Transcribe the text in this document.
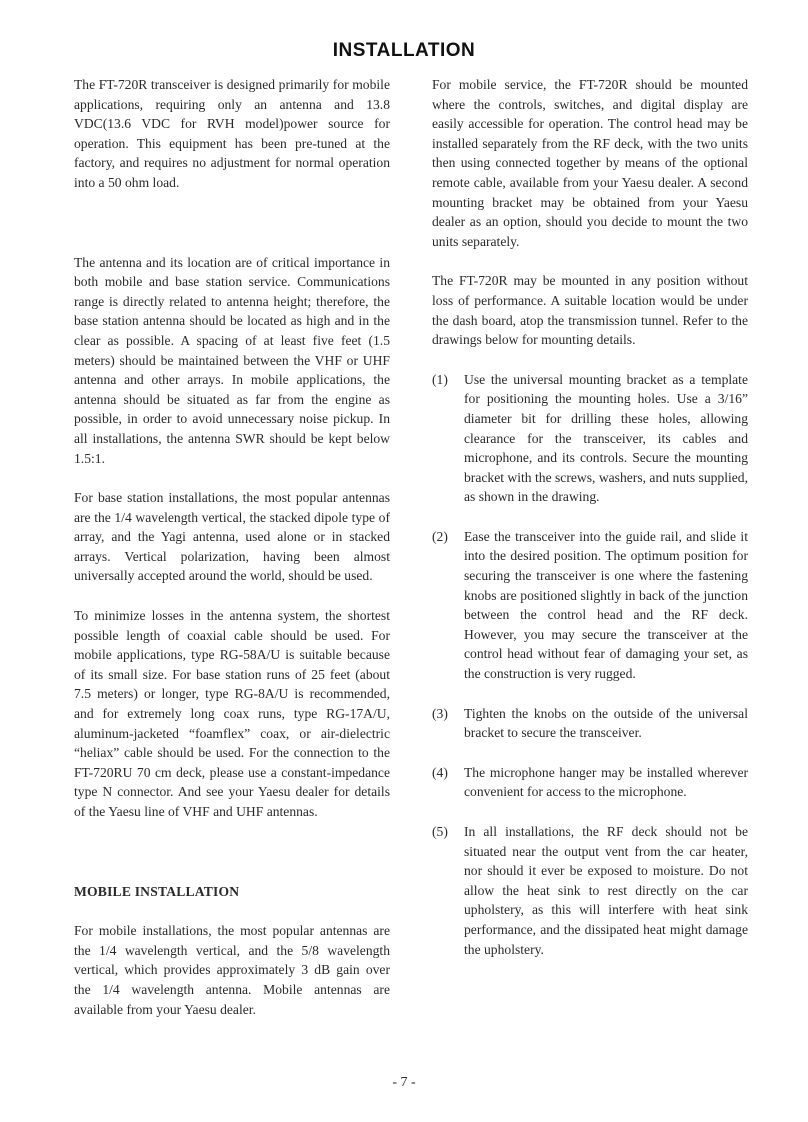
INSTALLATION

The FT-720R transceiver is designed primarily for mobile applications, requiring only an antenna and 13.8 VDC(13.6 VDC for RVH model)power source for operation. This equipment has been pre-tuned at the factory, and requires no adjustment for normal operation into a 50 ohm load.

The antenna and its location are of critical importance in both mobile and base station service. Communications range is directly related to antenna height; therefore, the base station antenna should be located as high and in the clear as possible. A spacing of at least five feet (1.5 meters) should be maintained between the VHF or UHF antenna and other arrays. In mobile applications, the antenna should be situated as far from the engine as possible, in order to avoid unnecessary noise pickup. In all installations, the antenna SWR should be kept below 1.5:1.

For base station installations, the most popular antennas are the 1/4 wavelength vertical, the stacked dipole type of array, and the Yagi antenna, used alone or in stacked arrays. Vertical polarization, having been almost universally accepted around the world, should be used.

To minimize losses in the antenna system, the shortest possible length of coaxial cable should be used. For mobile applications, type RG-58A/U is suitable because of its small size. For base station runs of 25 feet (about 7.5 meters) or longer, type RG-8A/U is recommended, and for extremely long coax runs, type RG-17A/U, aluminum-jacketed “foamflex” coax, or air-dielectric “heliax” cable should be used. For the connection to the FT-720RU 70 cm deck, please use a constant-impedance type N connector. And see your Yaesu dealer for details of the Yaesu line of VHF and UHF antennas.

MOBILE INSTALLATION

For mobile installations, the most popular antennas are the 1/4 wavelength vertical, and the 5/8 wavelength vertical, which provides approximately 3 dB gain over the 1/4 wavelength antenna. Mobile antennas are available from your Yaesu dealer.

For mobile service, the FT-720R should be mounted where the controls, switches, and digital display are easily accessible for operation. The control head may be installed separately from the RF deck, with the two units then using connected together by means of the optional remote cable, available from your Yaesu dealer. A second mounting bracket may be obtained from your Yaesu dealer as an option, should you decide to mount the two units separately.

The FT-720R may be mounted in any position without loss of performance. A suitable location would be under the dash board, atop the transmission tunnel. Refer to the drawings below for mounting details.

(1)	Use the universal mounting bracket as a template for positioning the mounting holes. Use a 3/16” diameter bit for drilling these holes, allowing clearance for the transceiver, its cables and microphone, and its controls. Secure the mounting bracket with the screws, washers, and nuts supplied, as shown in the drawing.
(2)	Ease the transceiver into the guide rail, and slide it into the desired position. The optimum position for securing the transceiver is one where the fastening knobs are positioned slightly in back of the junction between the control head and the RF deck. However, you may secure the transceiver at the control head without fear of damaging your set, as the construction is very rugged.
(3)	Tighten the knobs on the outside of the universal bracket to secure the transceiver.
(4)	The microphone hanger may be installed wherever convenient for access to the microphone.
(5)	In all installations, the RF deck should not be situated near the output vent from the car heater, nor should it ever be exposed to moisture. Do not allow the heat sink to rest directly on the car upholstery, as this will interfere with heat sink performance, and the dissipated heat might damage the upholstery.
- 7 -
